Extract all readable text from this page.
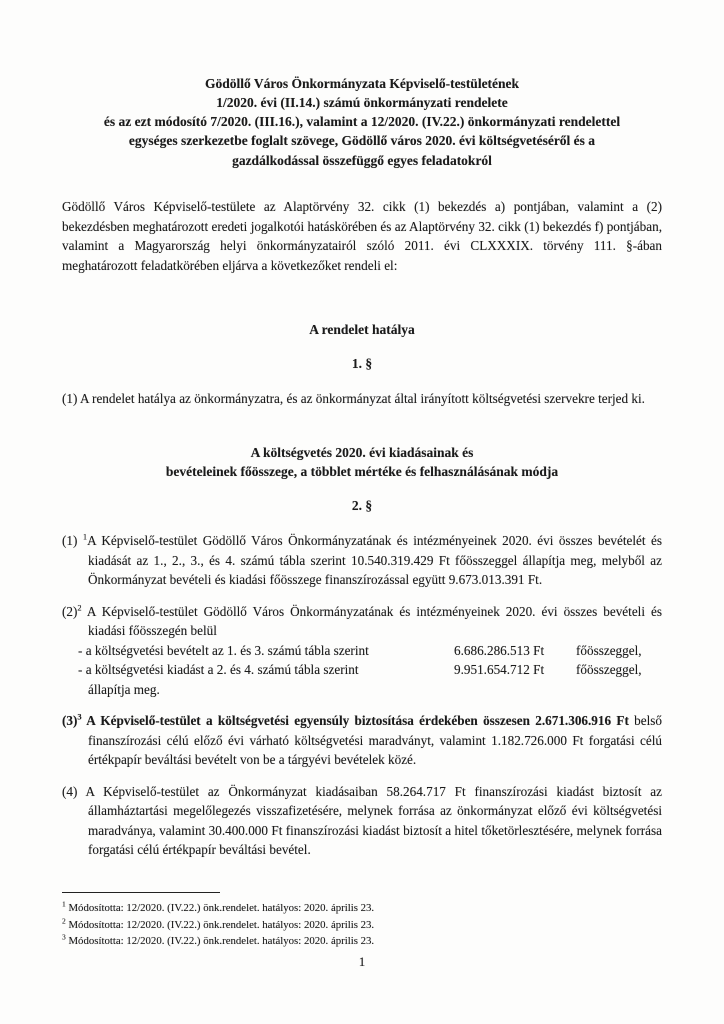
Gödöllő Város Önkormányzata Képviselő-testületének
1/2020. évi (II.14.) számú önkormányzati rendelete
és az ezt módosító 7/2020. (III.16.), valamint a 12/2020. (IV.22.) önkormányzati rendelettel
egységes szerkezetbe foglalt szövege, Gödöllő város 2020. évi költségvetéséről és a
gazdálkodással összefüggő egyes feladatokról
Gödöllő Város Képviselő-testülete az Alaptörvény 32. cikk (1) bekezdés a) pontjában, valamint a (2) bekezdésben meghatározott eredeti jogalkotói hatáskörében és az Alaptörvény 32. cikk (1) bekezdés f) pontjában, valamint a Magyarország helyi önkormányzatairól szóló 2011. évi CLXXXIX. törvény 111. §-ában meghatározott feladatkörében eljárva a következőket rendeli el:
A rendelet hatálya
1. §
(1) A rendelet hatálya az önkormányzatra, és az önkormányzat által irányított költségvetési szervekre terjed ki.
A költségvetés 2020. évi kiadásainak és
bevételeinek főösszege, a többlet mértéke és felhasználásának módja
2. §
(1) $^1$A Képviselő-testület Gödöllő Város Önkormányzatának és intézményeinek 2020. évi összes bevételét és kiadását az 1., 2., 3., és 4. számú tábla szerint 10.540.319.429 Ft főösszeggel állapítja meg, melyből az Önkormányzat bevételi és kiadási főösszege finanszírozással együtt 9.673.013.391 Ft.
(2)$^2$ A Képviselő-testület Gödöllő Város Önkormányzatának és intézményeinek 2020. évi összes bevételi és kiadási főösszegén belül
- a költségvetési bevételt az 1. és 3. számú tábla szerint	6.686.286.513 Ft	főösszeggel,
- a költségvetési kiadást a 2. és 4. számú tábla szerint	9.951.654.712 Ft	főösszeggel,
állapítja meg.
(3)$^3$ A Képviselő-testület a költségvetési egyensúly biztosítása érdekében összesen 2.671.306.916 Ft belső finanszírozási célú előző évi várható költségvetési maradványt, valamint 1.182.726.000 Ft forgatási célú értékpapír beváltási bevételt von be a tárgyévi bevételek közé.
(4) A Képviselő-testület az Önkormányzat kiadásaiban 58.264.717 Ft finanszírozási kiadást biztosít az államháztartási megelőlegezés visszafizetésére, melynek forrása az önkormányzat előző évi költségvetési maradványa, valamint 30.400.000 Ft finanszírozási kiadást biztosít a hitel tőketörlesztésére, melynek forrása forgatási célú értékpapír beváltási bevétel.
$^1$ Módosította: 12/2020. (IV.22.) önk.rendelet. hatályos: 2020. április 23.
$^2$ Módosította: 12/2020. (IV.22.) önk.rendelet. hatályos: 2020. április 23.
$^3$ Módosította: 12/2020. (IV.22.) önk.rendelet. hatályos: 2020. április 23.
1
